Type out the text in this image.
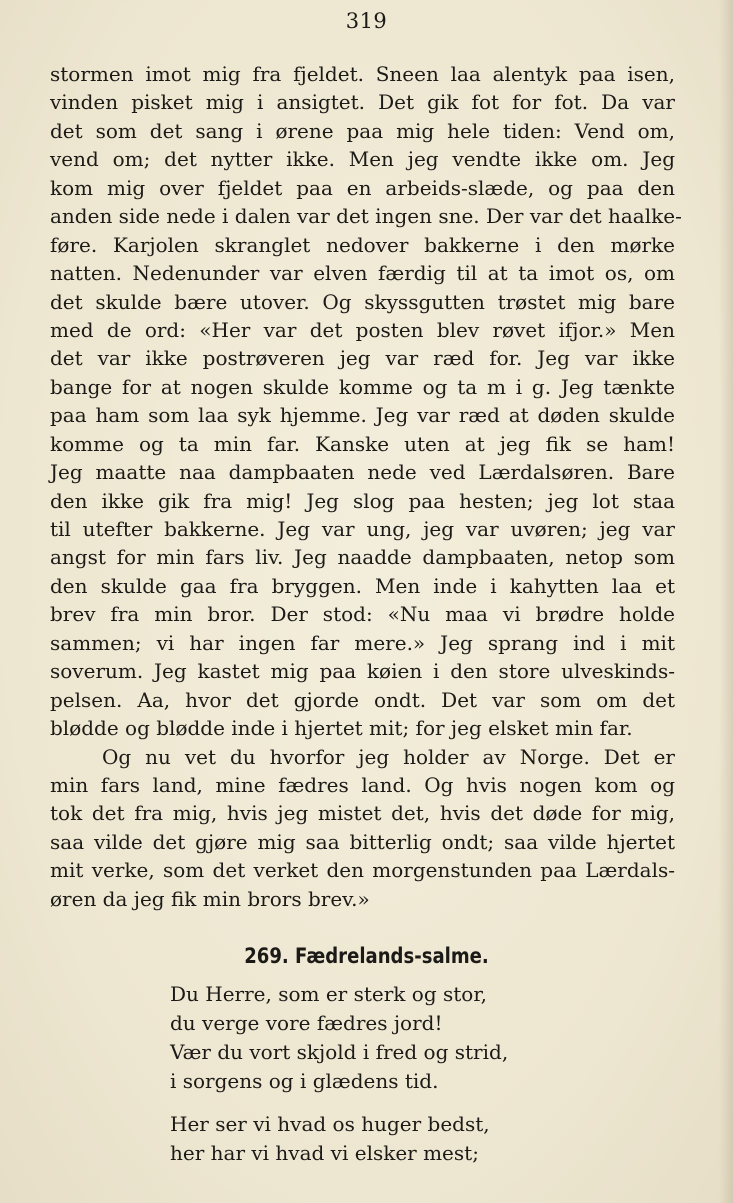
319
stormen imot mig fra fjeldet. Sneen laa alentyk paa isen,
vinden pisket mig i ansigtet. Det gik fot for fot. Da var
det som det sang i ørene paa mig hele tiden: Vend om,
vend om; det nytter ikke. Men jeg vendte ikke om. Jeg
kom mig over fjeldet paa en arbeids-slæde, og paa den
anden side nede i dalen var det ingen sne. Der var det haalke-
føre. Karjolen skranglet nedover bakkerne i den mørke
natten. Nedenunder var elven færdig til at ta imot os, om
det skulde bære utover. Og skyssgutten trøstet mig bare
med de ord: «Her var det posten blev røvet ifjor.» Men
det var ikke postrøveren jeg var ræd for. Jeg var ikke
bange for at nogen skulde komme og ta m i g. Jeg tænkte
paa ham som laa syk hjemme. Jeg var ræd at døden skulde
komme og ta min far. Kanske uten at jeg fik se ham!
Jeg maatte naa dampbaaten nede ved Lærdalsøren. Bare
den ikke gik fra mig! Jeg slog paa hesten; jeg lot staa
til utefter bakkerne. Jeg var ung, jeg var uvøren; jeg var
angst for min fars liv. Jeg naadde dampbaaten, netop som
den skulde gaa fra bryggen. Men inde i kahytten laa et
brev fra min bror. Der stod: «Nu maa vi brødre holde
sammen; vi har ingen far mere.» Jeg sprang ind i mit
soverum. Jeg kastet mig paa køien i den store ulveskinds-
pelsen. Aa, hvor det gjorde ondt. Det var som om det
blødde og blødde inde i hjertet mit; for jeg elsket min far.
Og nu vet du hvorfor jeg holder av Norge. Det er
min fars land, mine fædres land. Og hvis nogen kom og
tok det fra mig, hvis jeg mistet det, hvis det døde for mig,
saa vilde det gjøre mig saa bitterlig ondt; saa vilde hjertet
mit verke, som det verket den morgenstunden paa Lærdals-
øren da jeg fik min brors brev.»
269. Fædrelands-salme.
Du Herre, som er sterk og stor,
du verge vore fædres jord!
Vær du vort skjold i fred og strid,
i sorgens og i glædens tid.
Her ser vi hvad os huger bedst,
her har vi hvad vi elsker mest;
